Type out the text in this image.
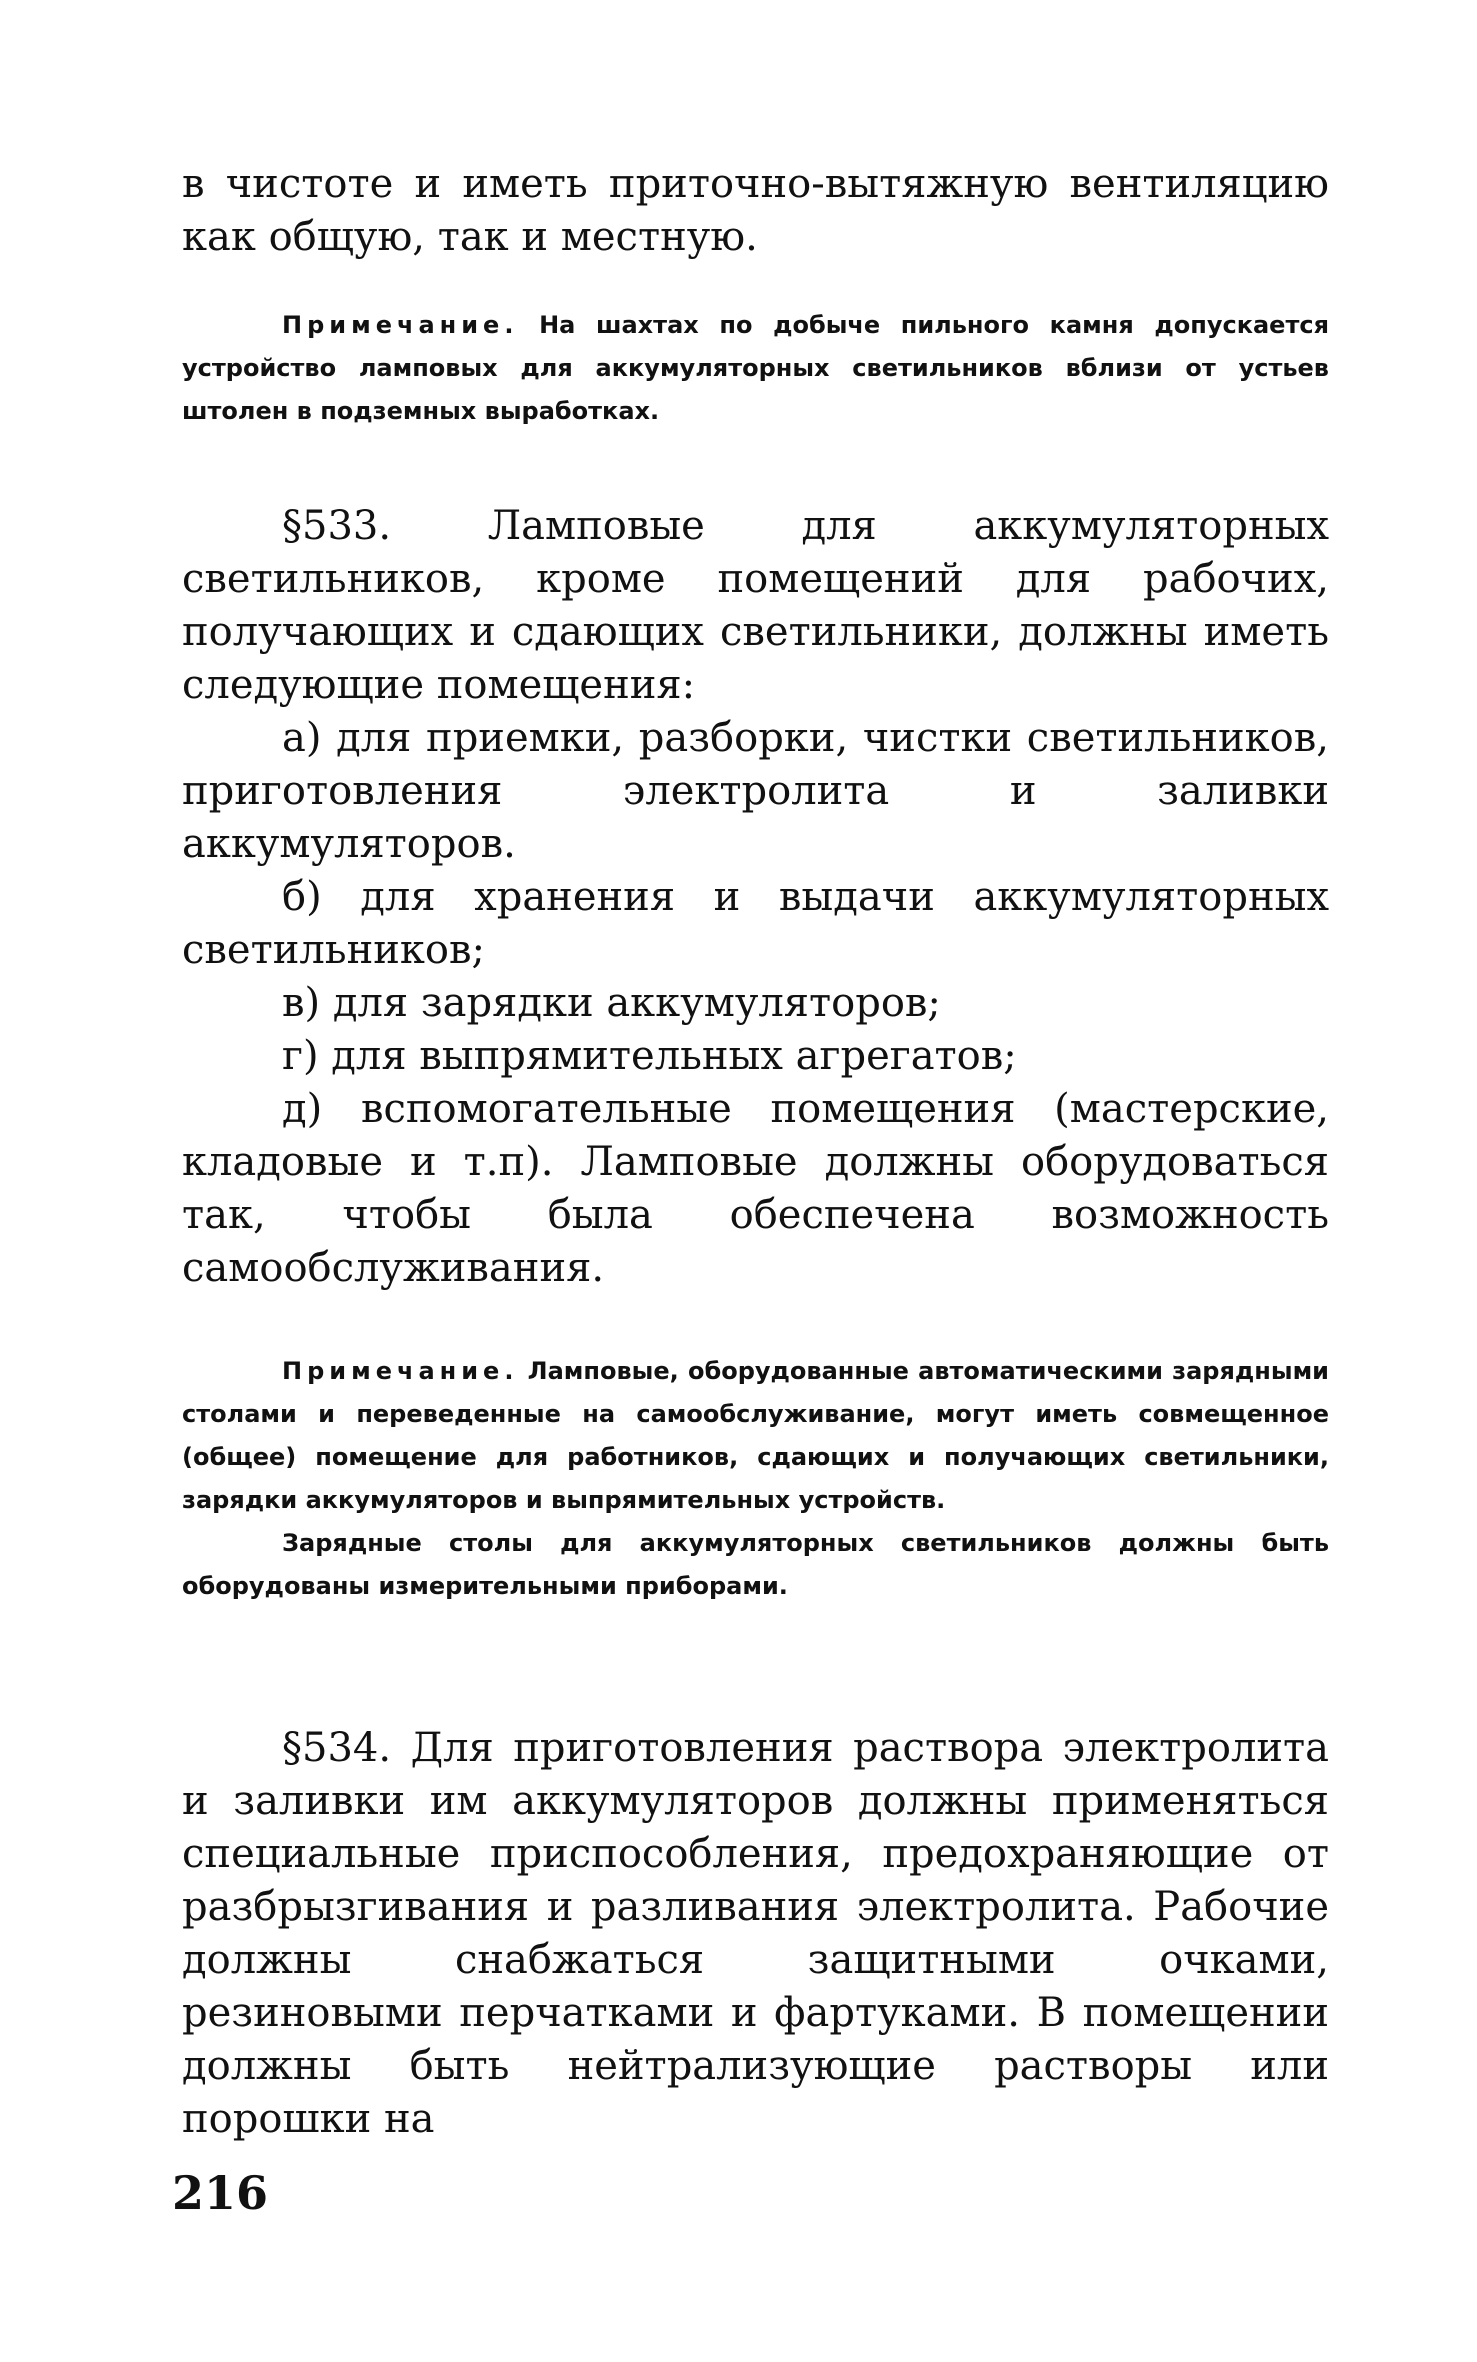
в чистоте и иметь приточно-вытяжную вентиляцию как общую, так и местную.

Примечание. На шахтах по добыче пильного камня допускается устройство ламповых для аккумуляторных светильников вблизи от устьев штолен в подземных выработках.

§533. Ламповые для аккумуляторных светильников, кроме помещений для рабочих, получающих и сдающих светильники, должны иметь следующие помещения:

а) для приемки, разборки, чистки светильников, приготовления электролита и заливки аккумуляторов.

б) для хранения и выдачи аккумуляторных светильников;

в) для зарядки аккумуляторов;

г) для выпрямительных агрегатов;

д) вспомогательные помещения (мастерские, кладовые и т.п). Ламповые должны оборудоваться так, чтобы была обеспечена возможность самообслуживания.

Примечание. Ламповые, оборудованные автоматическими зарядными столами и переведенные на самообслуживание, могут иметь совмещенное (общее) помещение для работников, сдающих и получающих светильники, зарядки аккумуляторов и выпрямительных устройств.

Зарядные столы для аккумуляторных светильников должны быть оборудованы измерительными приборами.

§534. Для приготовления раствора электролита и заливки им аккумуляторов должны применяться специальные приспособления, предохраняющие от разбрызгивания и разливания электролита. Рабочие должны снабжаться защитными очками, резиновыми перчатками и фартуками. В помещении должны быть нейтрализующие растворы или порошки на

216
